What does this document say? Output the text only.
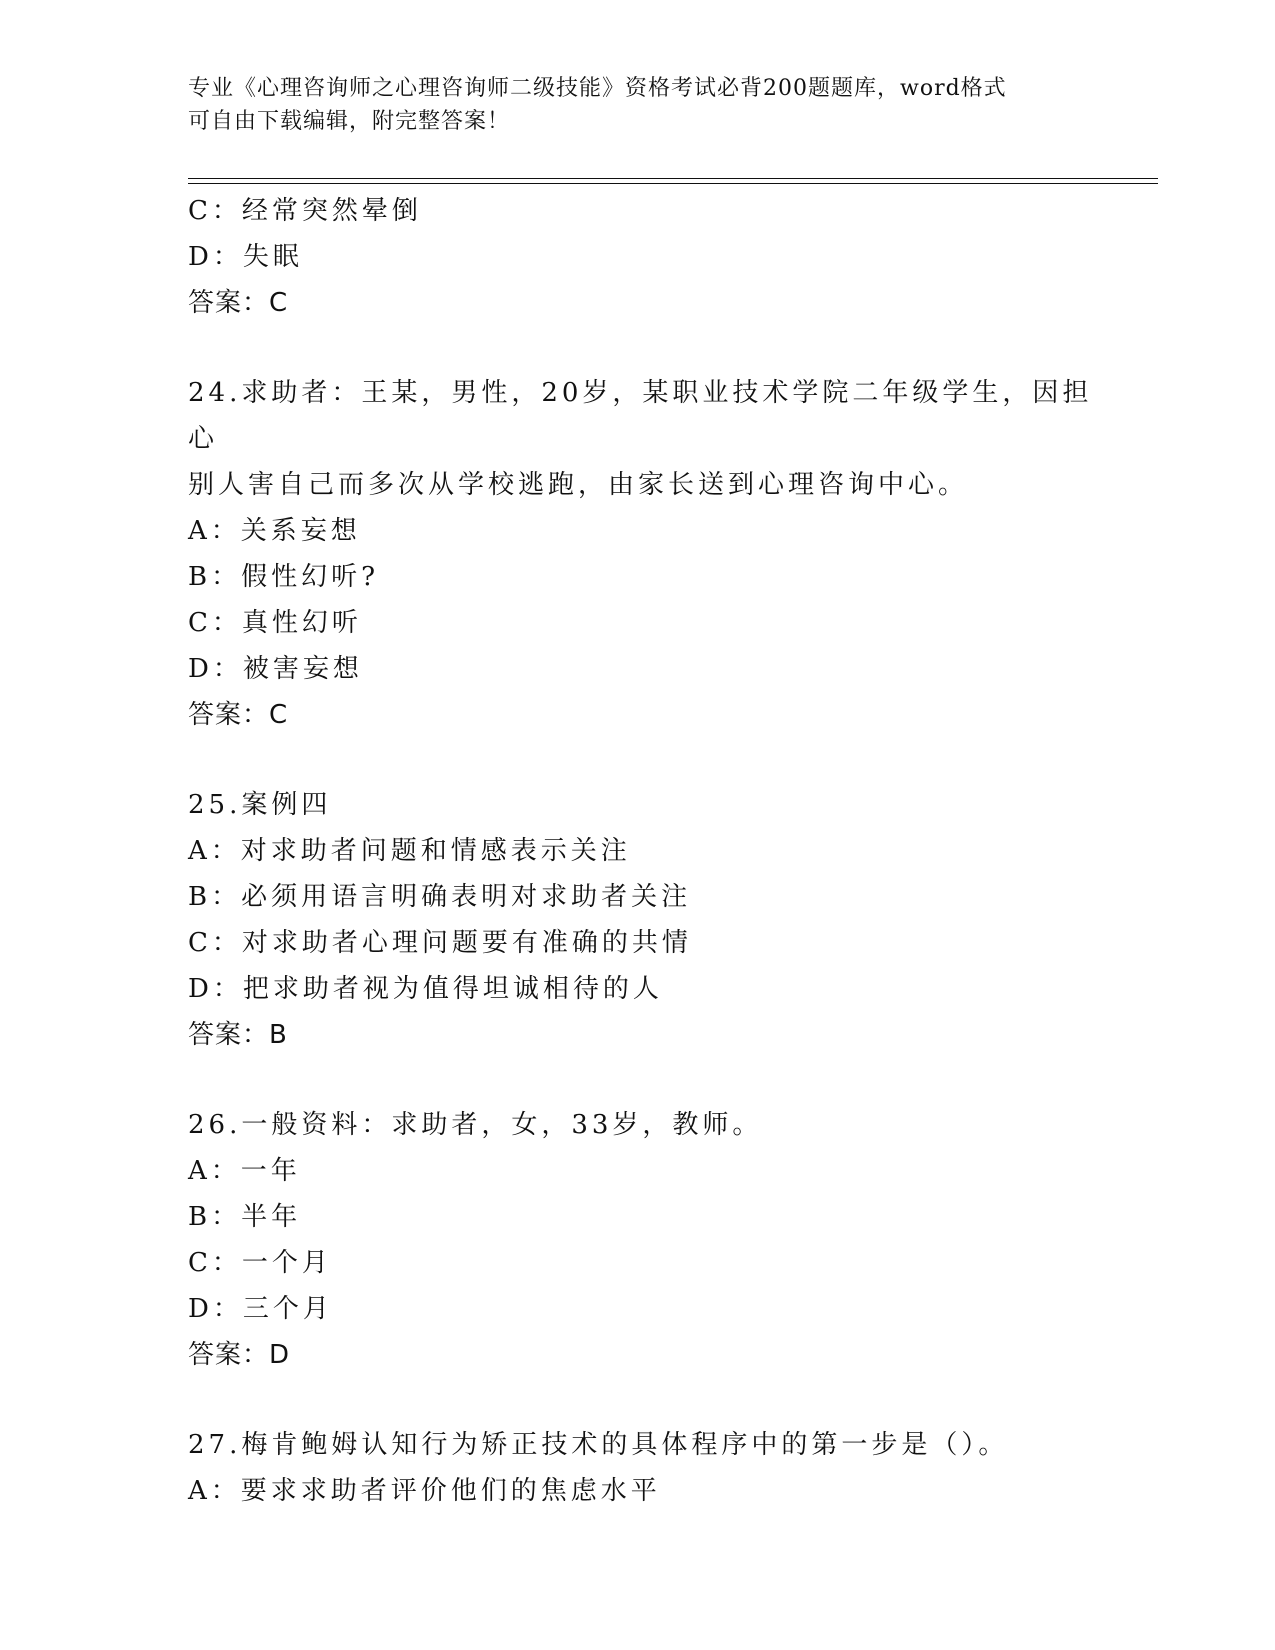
专业《心理咨询师之心理咨询师二级技能》资格考试必背200题题库，word格式
可自由下载编辑，附完整答案！
C：经常突然晕倒
D：失眠
答案：C
24.求助者：王某，男性，20岁，某职业技术学院二年级学生，因担心
别人害自己而多次从学校逃跑，由家长送到心理咨询中心。
A：关系妄想
B：假性幻听?
C：真性幻听
D：被害妄想
答案：C
25.案例四
A：对求助者问题和情感表示关注
B：必须用语言明确表明对求助者关注
C：对求助者心理问题要有准确的共情
D：把求助者视为值得坦诚相待的人
答案：B
26.一般资料：求助者，女，33岁，教师。
A：一年
B：半年
C：一个月
D：三个月
答案：D
27.梅肯鲍姆认知行为矫正技术的具体程序中的第一步是（）。
A：要求求助者评价他们的焦虑水平
